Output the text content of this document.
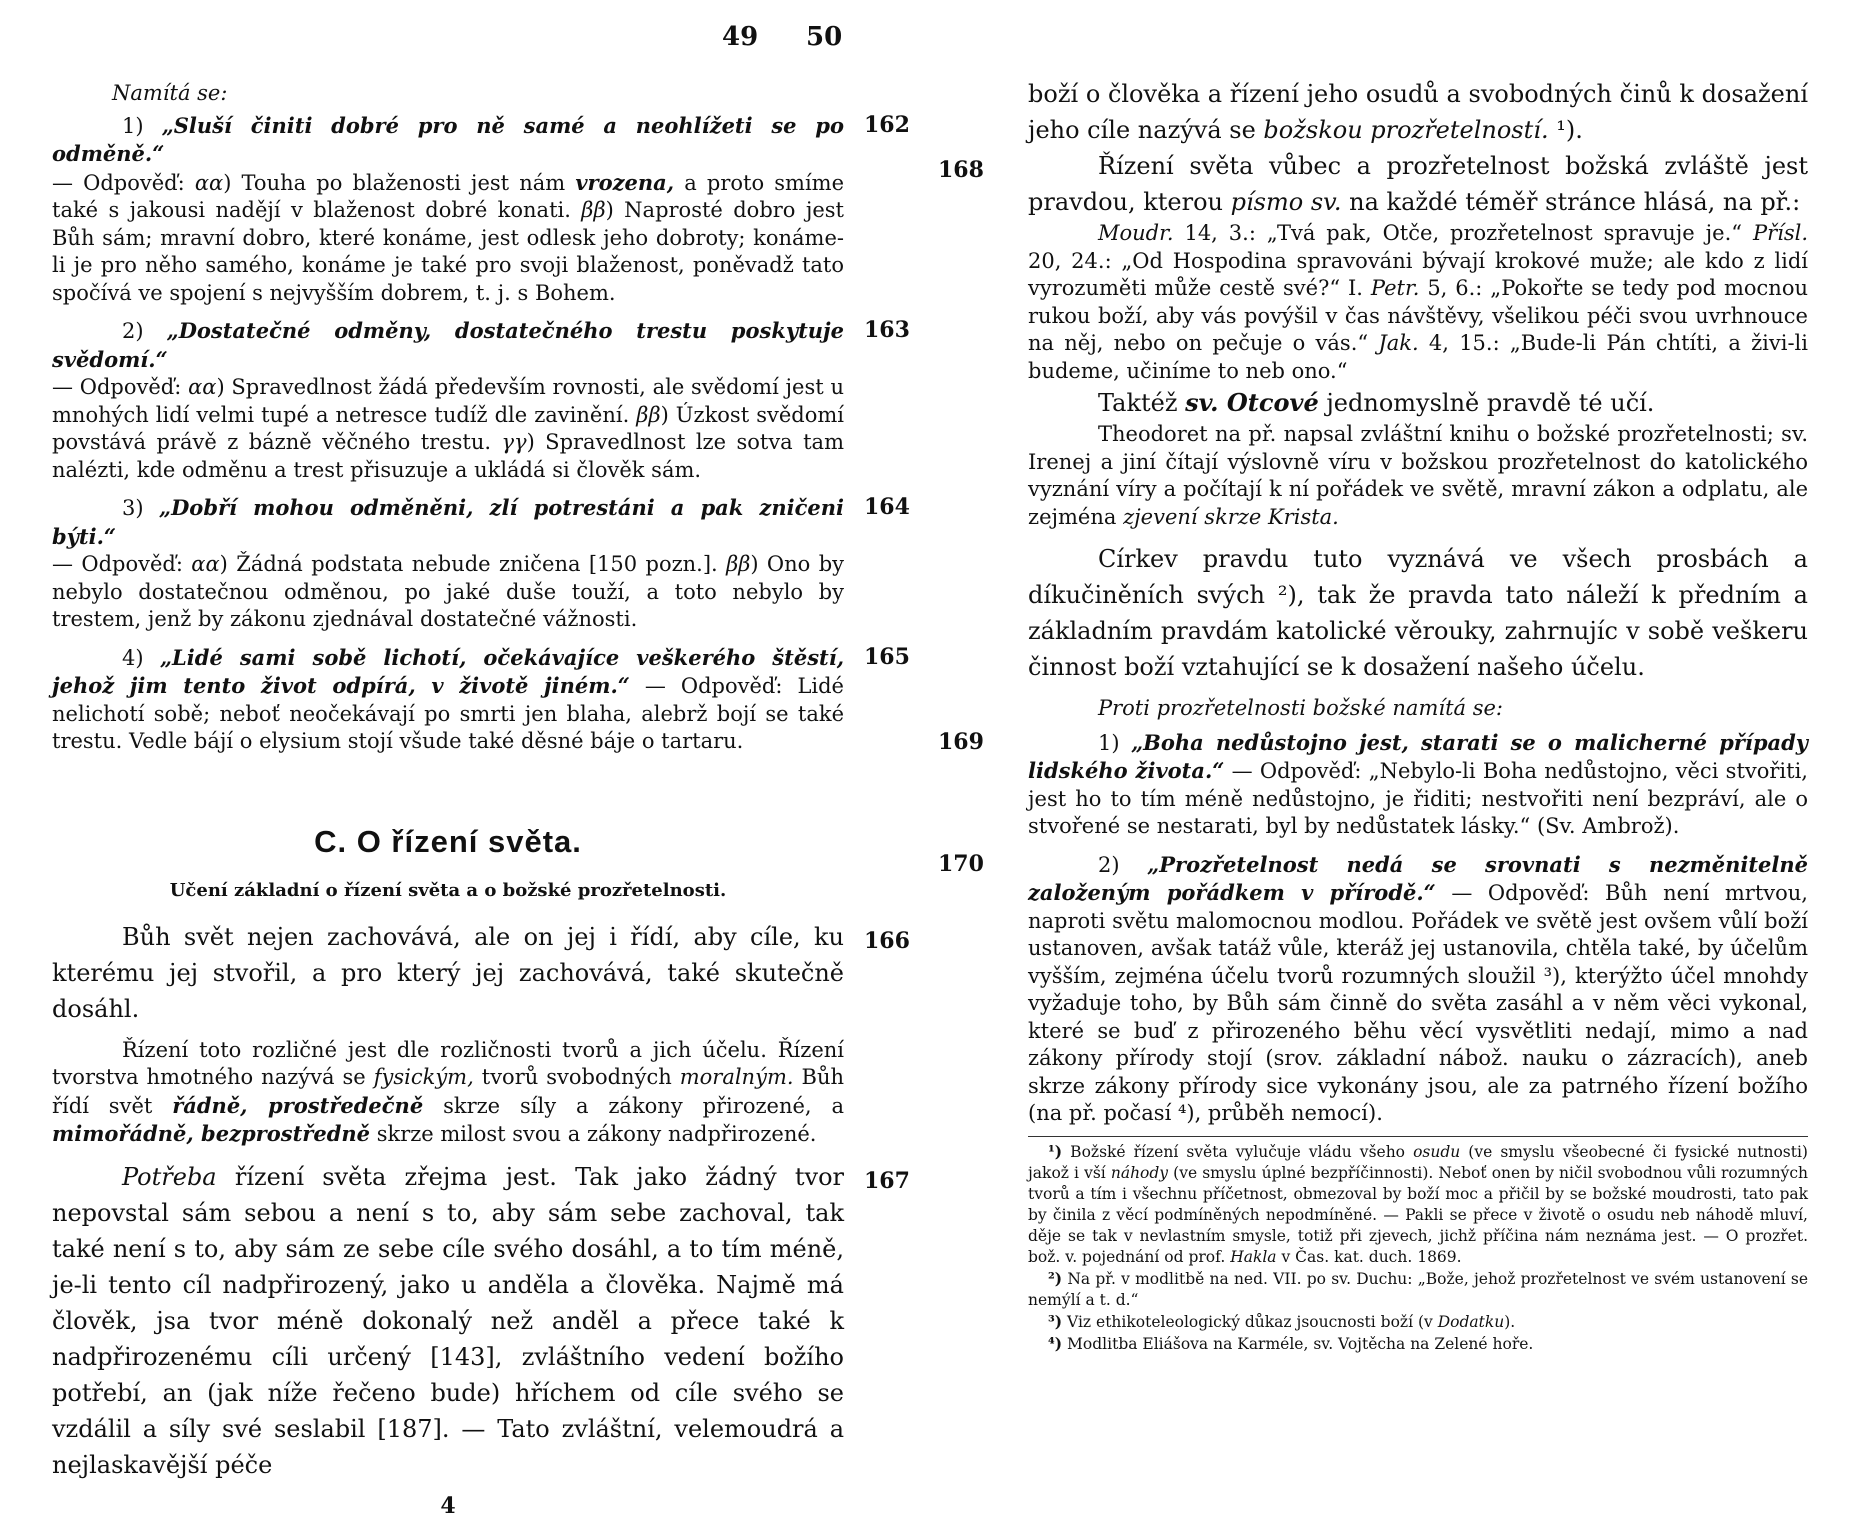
49 50

Namítá se:

162

1) „Sluší činiti dobré pro ně samé a neohlížeti se po odměně.“

— Odpověď: αα) Touha po blaženosti jest nám vrozena, a proto smíme také s jakousi nadějí v blaženost dobré konati. ββ) Naprosté dobro jest Bůh sám; mravní dobro, které konáme, jest odlesk jeho dobroty; konáme-li je pro něho samého, konáme je také pro svoji blaženost, poněvadž tato spočívá ve spojení s nejvyšším dobrem, t. j. s Bohem.

163

2) „Dostatečné odměny, dostatečného trestu poskytuje svědomí.“

— Odpověď: αα) Spravedlnost žádá především rovnosti, ale svědomí jest u mnohých lidí velmi tupé a netresce tudíž dle zavinění. ββ) Úzkost svědomí povstává právě z bázně věčného trestu. γγ) Spravedlnost lze sotva tam nalézti, kde odměnu a trest přisuzuje a ukládá si člověk sám.

164

3) „Dobří mohou odměněni, zlí potrestáni a pak zničeni býti.“

— Odpověď: αα) Žádná podstata nebude zničena [150 pozn.]. ββ) Ono by nebylo dostatečnou odměnou, po jaké duše touží, a toto nebylo by trestem, jenž by zákonu zjednával dostatečné vážnosti.

165

4) „Lidé sami sobě lichotí, očekávajíce veškerého štěstí, jehož jim tento život odpírá, v životě jiném.“ — Odpověď: Lidé nelichotí sobě; neboť neočekávají po smrti jen blaha, alebrž bojí se také trestu. Vedle bájí o elysium stojí všude také děsné báje o tartaru.

C. O řízení světa.
Učení základní o řízení světa a o božské prozřetelnosti.
166

Bůh svět nejen zachovává, ale on jej i řídí, aby cíle, ku kterému jej stvořil, a pro který jej zachovává, také skutečně dosáhl.

Řízení toto rozličné jest dle rozličnosti tvorů a jich účelu. Řízení tvorstva hmotného nazývá se fysickým, tvorů svobodných moralným. Bůh řídí svět řádně, prostředečně skrze síly a zákony přirozené, a mimořádně, bezprostředně skrze milost svou a zákony nadpřirozené.

167

Potřeba řízení světa zřejma jest. Tak jako žádný tvor nepovstal sám sebou a není s to, aby sám sebe zachoval, tak také není s to, aby sám ze sebe cíle svého dosáhl, a to tím méně, je-li tento cíl nadpřirozený, jako u anděla a člověka. Najmě má člověk, jsa tvor méně dokonalý než anděl a přece také k nadpřirozenému cíli určený [143], zvláštního vedení božího potřebí, an (jak níže řečeno bude) hříchem od cíle svého se vzdálil a síly své seslabil [187]. — Tato zvláštní, velemoudrá a nejlaskavější péče

4

boží o člověka a řízení jeho osudů a svobodných činů k dosažení jeho cíle nazývá se božskou prozřetelností. ¹).

168	Řízení světa vůbec a prozřetelnost božská zvláště jest pravdou, kterou písmo sv. na každé téměř stránce hlásá, na př.:

Moudr. 14, 3.: „Tvá pak, Otče, prozřetelnost spravuje je.“ Přísl. 20, 24.: „Od Hospodina spravováni bývají krokové muže; ale kdo z lidí vyrozuměti může cestě své?“ I. Petr. 5, 6.: „Pokořte se tedy pod mocnou rukou boží, aby vás povýšil v čas návštěvy, všelikou péči svou uvrhnouce na něj, nebo on pečuje o vás.“ Jak. 4, 15.: „Bude-li Pán chtíti, a živi-li budeme, učiníme to neb ono.“

Taktéž sv. Otcové jednomyslně pravdě té učí.

Theodoret na př. napsal zvláštní knihu o božské prozřetelnosti; sv. Irenej a jiní čítají výslovně víru v božskou prozřetelnost do katolického vyznání víry a počítají k ní pořádek ve světě, mravní zákon a odplatu, ale zejména zjevení skrze Krista.

Církev pravdu tuto vyznává ve všech prosbách a díkučiněních svých ²), tak že pravda tato náleží k předním a základním pravdám katolické věrouky, zahrnujíc v sobě veškeru činnost boží vztahující se k dosažení našeho účelu.

Proti prozřetelnosti božské namítá se:

169	1) „Boha nedůstojno jest, starati se o malicherné případy lidského života.“ — Odpověď: „Nebylo-li Boha nedůstojno, věci stvořiti, jest ho to tím méně nedůstojno, je řiditi; nestvořiti není bezpráví, ale o stvořené se nestarati, byl by nedůstatek lásky.“ (Sv. Ambrož).

170	2) „Prozřetelnost nedá se srovnati s nezměnitelně založeným pořádkem v přírodě.“ — Odpověď: Bůh není mrtvou, naproti světu malomocnou modlou. Pořádek ve světě jest ovšem vůlí boží ustanoven, avšak tatáž vůle, kteráž jej ustanovila, chtěla také, by účelům vyšším, zejména účelu tvorů rozumných sloužil ³), kterýžto účel mnohdy vyžaduje toho, by Bůh sám činně do světa zasáhl a v něm věci vykonal, které se buď z přirozeného běhu věcí vysvětliti nedají, mimo a nad zákony přírody stojí (srov. základní nábož. nauku o zázracích), aneb skrze zákony přírody sice vykonány jsou, ale za patrného řízení božího (na př. počasí ⁴), průběh nemocí).

¹) Božské řízení světa vylučuje vládu všeho osudu (ve smyslu všeobecné či fysické nutnosti) jakož i vší náhody (ve smyslu úplné bezpříčinnosti). Neboť onen by ničil svobodnou vůli rozumných tvorů a tím i všechnu příčetnost, obmezoval by boží moc a přičil by se božské moudrosti, tato pak by činila z věcí podmíněných nepodmíněné. — Pakli se přece v životě o osudu neb náhodě mluví, děje se tak v nevlastním smysle, totiž při zjevech, jichž příčina nám neznáma jest. — O prozřet. bož. v. pojednání od prof. Hakla v Čas. kat. duch. 1869.

²) Na př. v modlitbě na ned. VII. po sv. Duchu: „Bože, jehož prozřetelnost ve svém ustanovení se nemýlí a t. d.“

³) Viz ethikoteleologický důkaz jsoucnosti boží (v Dodatku).

⁴) Modlitba Eliášova na Karméle, sv. Vojtěcha na Zelené hoře.
